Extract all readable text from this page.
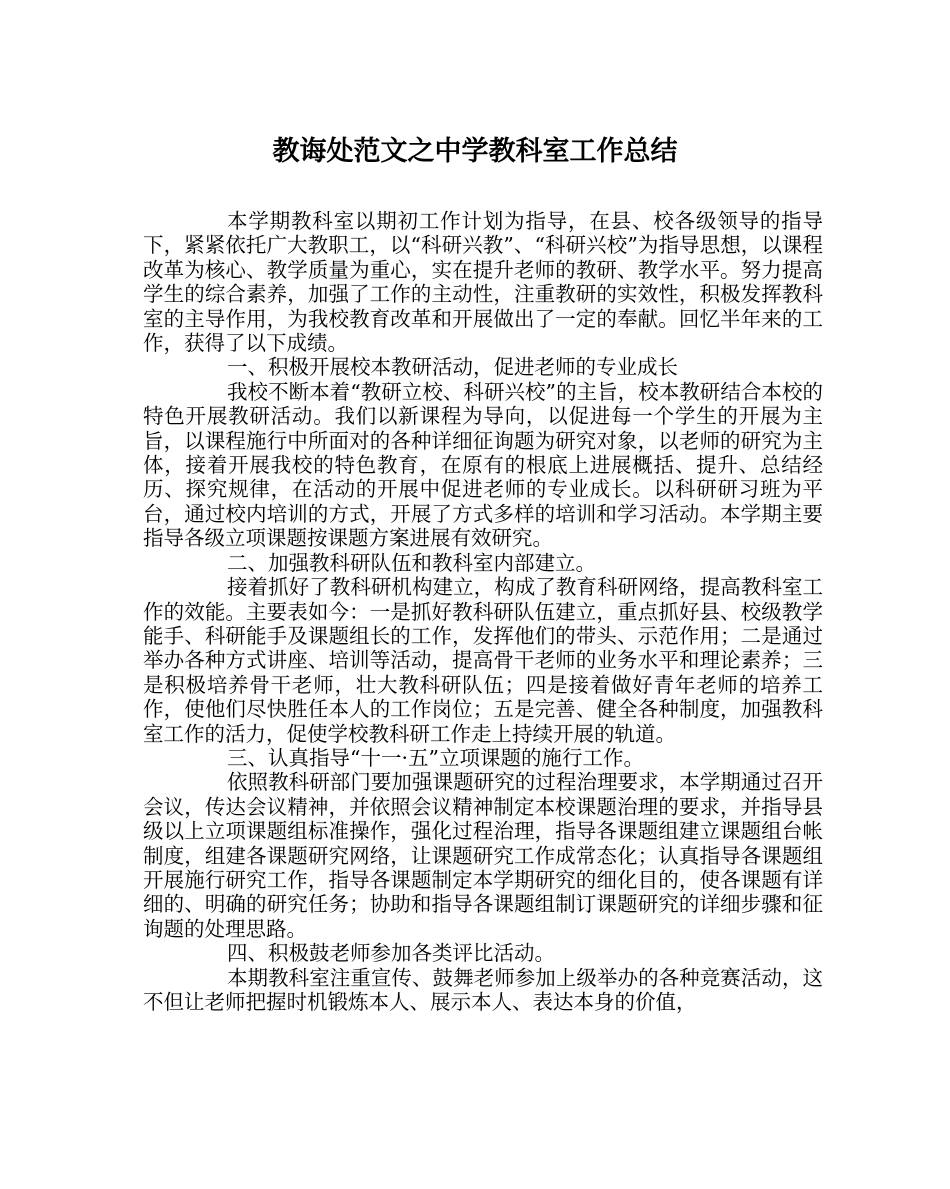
教诲处范文之中学教科室工作总结

本学期教科室以期初工作计划为指导，在县、校各级领导的指导下，紧紧依托广大教职工，以“科研兴教”、“科研兴校”为指导思想，以课程改革为核心、教学质量为重心，实在提升老师的教研、教学水平。努力提高学生的综合素养，加强了工作的主动性，注重教研的实效性，积极发挥教科室的主导作用，为我校教育改革和开展做出了一定的奉献。回忆半年来的工作，获得了以下成绩。

一、积极开展校本教研活动，促进老师的专业成长

我校不断本着“教研立校、科研兴校”的主旨，校本教研结合本校的特色开展教研活动。我们以新课程为导向，以促进每一个学生的开展为主旨，以课程施行中所面对的各种详细征询题为研究对象，以老师的研究为主体，接着开展我校的特色教育，在原有的根底上进展概括、提升、总结经历、探究规律，在活动的开展中促进老师的专业成长。以科研研习班为平台，通过校内培训的方式，开展了方式多样的培训和学习活动。本学期主要指导各级立项课题按课题方案进展有效研究。

二、加强教科研队伍和教科室内部建立。

接着抓好了教科研机构建立，构成了教育科研网络，提高教科室工作的效能。主要表如今：一是抓好教科研队伍建立，重点抓好县、校级教学能手、科研能手及课题组长的工作，发挥他们的带头、示范作用；二是通过举办各种方式讲座、培训等活动，提高骨干老师的业务水平和理论素养；三是积极培养骨干老师，壮大教科研队伍；四是接着做好青年老师的培养工作，使他们尽快胜任本人的工作岗位；五是完善、健全各种制度，加强教科室工作的活力，促使学校教科研工作走上持续开展的轨道。

三、认真指导“十一·五”立项课题的施行工作。

依照教科研部门要加强课题研究的过程治理要求，本学期通过召开会议，传达会议精神，并依照会议精神制定本校课题治理的要求，并指导县级以上立项课题组标准操作，强化过程治理，指导各课题组建立课题组台帐制度，组建各课题研究网络，让课题研究工作成常态化；认真指导各课题组开展施行研究工作，指导各课题制定本学期研究的细化目的，使各课题有详细的、明确的研究任务；协助和指导各课题组制订课题研究的详细步骤和征询题的处理思路。

四、积极鼓老师参加各类评比活动。

本期教科室注重宣传、鼓舞老师参加上级举办的各种竞赛活动，这不但让老师把握时机锻炼本人、展示本人、表达本身的价值，
